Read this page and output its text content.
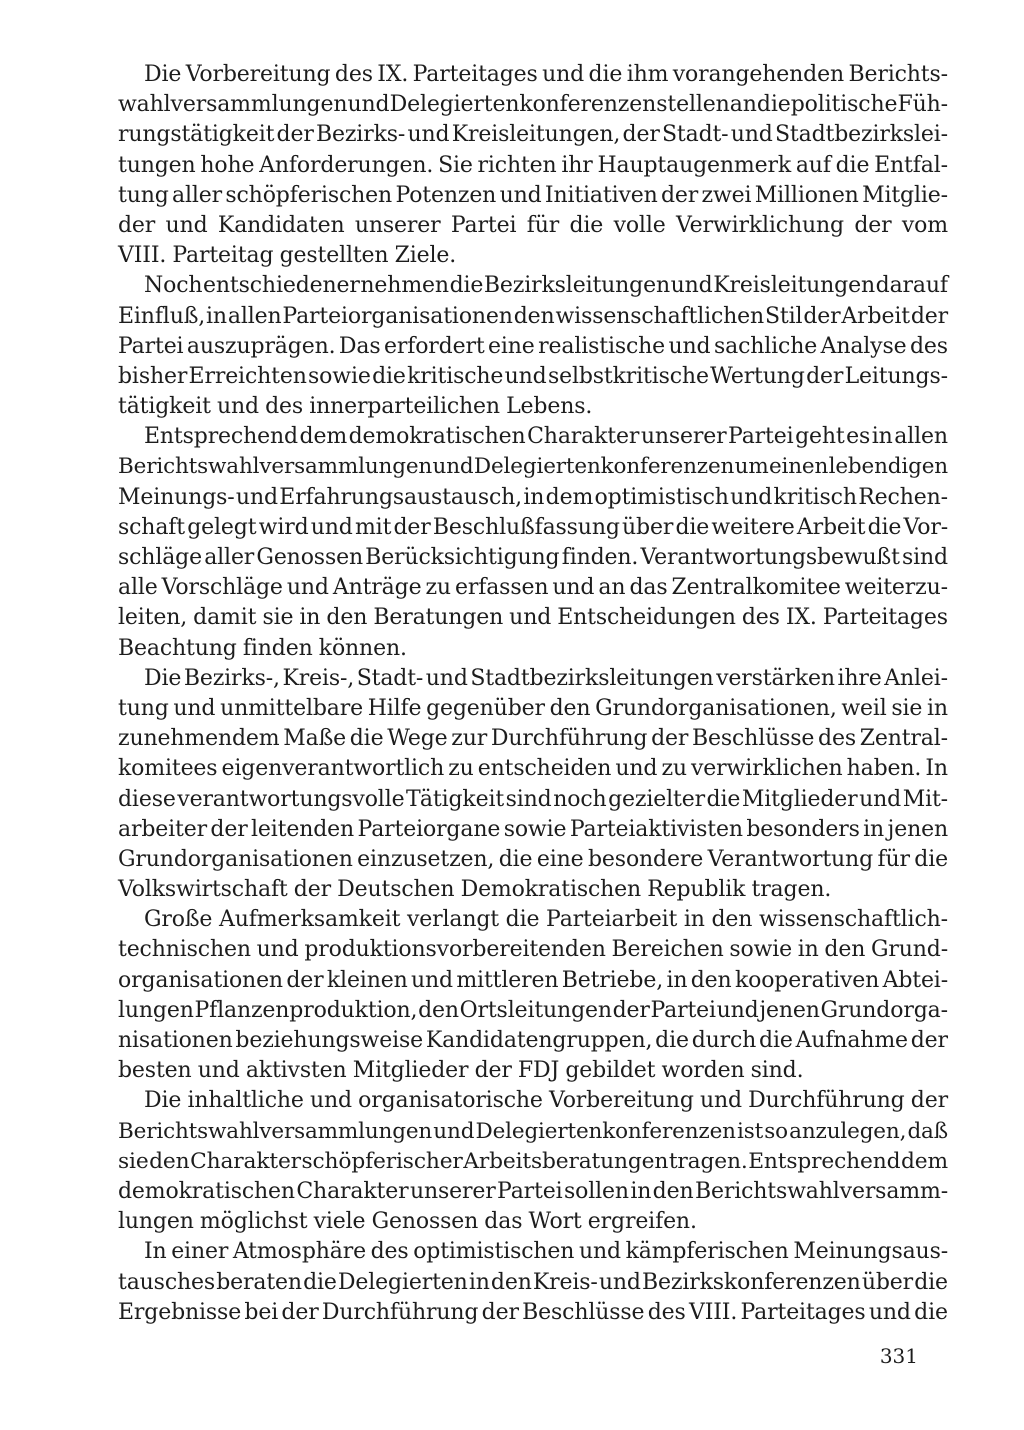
Die Vorbereitung des IX. Parteitages und die ihm vorangehenden Berichts-
wahlversammlungen und Delegiertenkonferenzen stellen an die politische Füh-
rungstätigkeit der Bezirks- und Kreisleitungen, der Stadt- und Stadtbezirkslei-
tungen hohe Anforderungen. Sie richten ihr Hauptaugenmerk auf die Entfal-
tung aller schöpferischen Potenzen und Initiativen der zwei Millionen Mitglie-
der und Kandidaten unserer Partei für die volle Verwirklichung der vom
VIII. Parteitag gestellten Ziele.
Noch entschiedener nehmen die Bezirksleitungen und Kreisleitungen darauf
Einfluß, in allen Parteiorganisationen den wissenschaftlichen Stil der Arbeit der
Partei auszuprägen. Das erfordert eine realistische und sachliche Analyse des
bisher Erreichten sowie die kritische und selbstkritische Wertung der Leitungs-
tätigkeit und des innerparteilichen Lebens.
Entsprechend dem demokratischen Charakter unserer Partei geht es in allen
Berichtswahlversammlungen und Delegiertenkonferenzen um einen lebendigen
Meinungs- und Erfahrungsaustausch, in dem optimistisch und kritisch Rechen-
schaft gelegt wird und mit der Beschlußfassung über die weitere Arbeit die Vor-
schläge aller Genossen Berücksichtigung finden. Verantwortungsbewußt sind
alle Vorschläge und Anträge zu erfassen und an das Zentralkomitee weiterzu-
leiten, damit sie in den Beratungen und Entscheidungen des IX. Parteitages
Beachtung finden können.
Die Bezirks-, Kreis-, Stadt- und Stadtbezirksleitungen verstärken ihre Anlei-
tung und unmittelbare Hilfe gegenüber den Grundorganisationen, weil sie in
zunehmendem Maße die Wege zur Durchführung der Beschlüsse des Zentral-
komitees eigenverantwortlich zu entscheiden und zu verwirklichen haben. In
diese verantwortungsvolle Tätigkeit sind noch gezielter die Mitglieder und Mit-
arbeiter der leitenden Parteiorgane sowie Parteiaktivisten besonders in jenen
Grundorganisationen einzusetzen, die eine besondere Verantwortung für die
Volkswirtschaft der Deutschen Demokratischen Republik tragen.
Große Aufmerksamkeit verlangt die Parteiarbeit in den wissenschaftlich-
technischen und produktionsvorbereitenden Bereichen sowie in den Grund-
organisationen der kleinen und mittleren Betriebe, in den kooperativen Abtei-
lungen Pflanzenproduktion, den Ortsleitungen der Partei und jenen Grundorga-
nisationen beziehungsweise Kandidatengruppen, die durch die Aufnahme der
besten und aktivsten Mitglieder der FDJ gebildet worden sind.
Die inhaltliche und organisatorische Vorbereitung und Durchführung der
Berichtswahlversammlungen und Delegiertenkonferenzen ist so anzulegen, daß
sie den Charakter schöpferischer Arbeitsberatungen tragen. Entsprechend dem
demokratischen Charakter unserer Partei sollen in den Berichtswahlversamm-
lungen möglichst viele Genossen das Wort ergreifen.
In einer Atmosphäre des optimistischen und kämpferischen Meinungsaus-
tausches beraten die Delegierten in den Kreis- und Bezirkskonferenzen über die
Ergebnisse bei der Durchführung der Beschlüsse des VIII. Parteitages und die
331
